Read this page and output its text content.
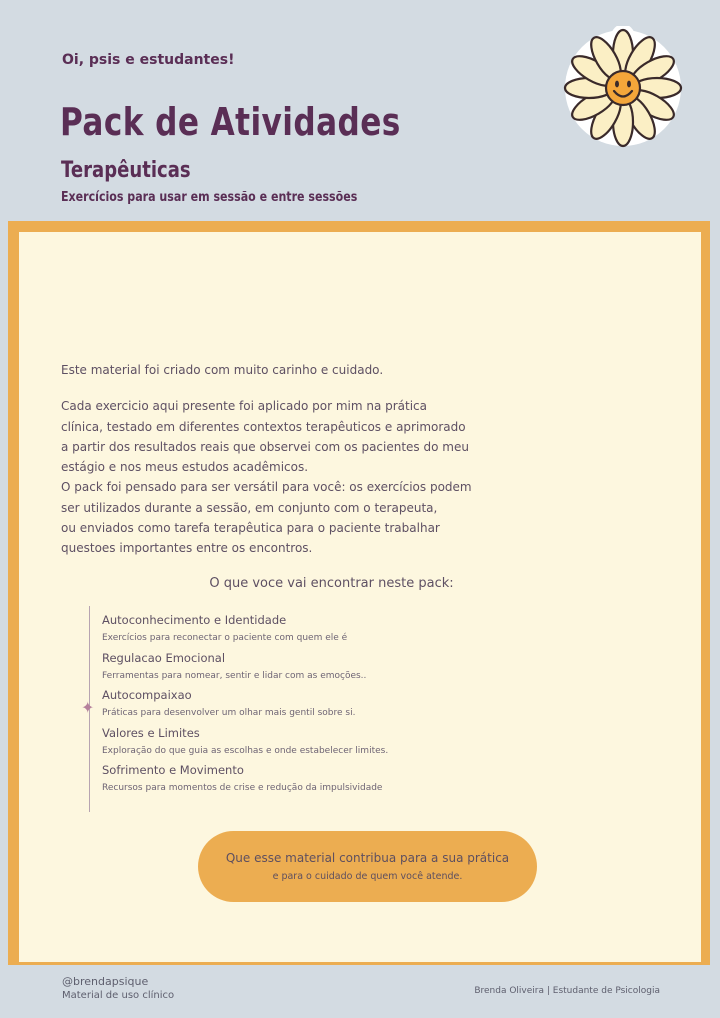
Oi, psis e estudantes!
Pack de Atividades
Terapêuticas
Exercícios para usar em sessão e entre sessões

Este material foi criado com muito carinho e cuidado.

Cada exercicio aqui presente foi aplicado por mim na prática

clínica, testado em diferentes contextos terapêuticos e aprimorado

a partir dos resultados reais que observei com os pacientes do meu

estágio e nos meus estudos acadêmicos.

O pack foi pensado para ser versátil para você: os exercícios podem

ser utilizados durante a sessão, em conjunto com o terapeuta,

ou enviados como tarefa terapêutica para o paciente trabalhar

questoes importantes entre os encontros.

O que voce vai encontrar neste pack:
✦
Autoconhecimento e Identidade
Exercícios para reconectar o paciente com quem ele é
Regulacao Emocional
Ferramentas para nomear, sentir e lidar com as emoções..
Autocompaixao
Práticas para desenvolver um olhar mais gentil sobre si.
Valores e Limites
Exploração do que guia as escolhas e onde estabelecer limites.
Sofrimento e Movimento
Recursos para momentos de crise e redução da impulsividade
Que esse material contribua para a sua prática
e para o cuidado de quem você atende.
@brendapsique
Material de uso clínico	Brenda Oliveira | Estudante de Psicologia
